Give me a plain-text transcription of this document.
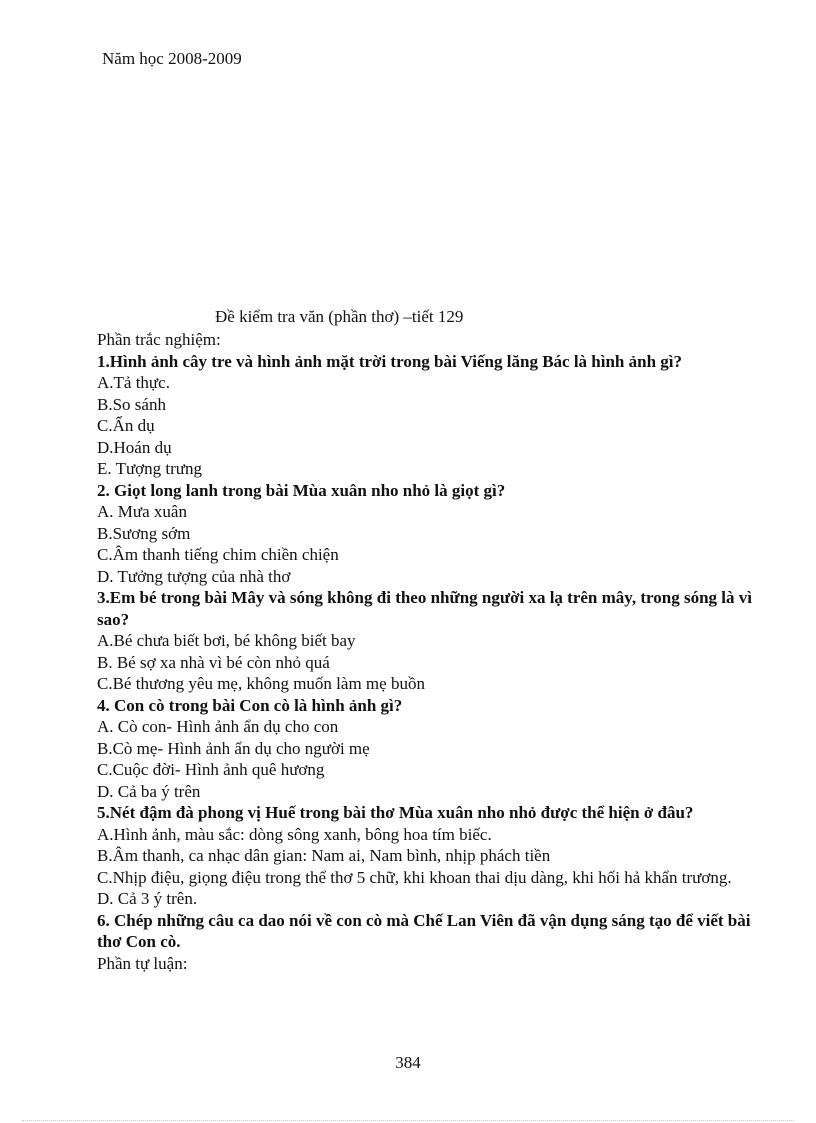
Năm học 2008-2009
Đề kiểm tra văn (phần thơ) –tiết 129
Phần trắc nghiệm:
1.Hình ảnh cây tre và hình ảnh mặt trời trong bài Viếng lăng Bác là hình ảnh gì?
A.Tả thực.
B.So sánh
C.Ẩn dụ
D.Hoán dụ
E. Tượng trưng
2. Giọt long lanh trong bài Mùa xuân nho nhỏ là giọt gì?
A. Mưa xuân
B.Sương sớm
C.Âm thanh tiếng chim chiền chiện
D. Tưởng tượng của nhà thơ
3.Em bé trong bài Mây và sóng không đi theo những người xa lạ trên mây, trong sóng là vì sao?
A.Bé chưa biết bơi, bé không biết bay
B. Bé sợ xa nhà vì bé còn nhỏ quá
C.Bé thương yêu mẹ, không muốn làm mẹ buồn
4. Con cò trong bài Con cò là hình ảnh gì?
A. Cò con- Hình ảnh ẩn dụ cho con
B.Cò mẹ- Hình ảnh ẩn dụ cho người mẹ
C.Cuộc đời- Hình ảnh quê hương
D. Cả ba ý trên
5.Nét đậm đà phong vị Huế trong bài thơ Mùa xuân nho nhỏ được thể hiện ở đâu?
A.Hình ảnh, màu sắc: dòng sông xanh, bông hoa tím biếc.
B.Âm thanh, ca nhạc dân gian: Nam ai, Nam bình, nhịp phách tiền
C.Nhịp điệu, giọng điệu trong thể thơ 5 chữ, khi khoan thai dịu dàng, khi hối hả khẩn trương.
D. Cả 3 ý trên.
6. Chép những câu ca dao nói về con cò mà Chế Lan Viên đã vận dụng sáng tạo để viết bài thơ Con cò.
Phần tự luận:
384
